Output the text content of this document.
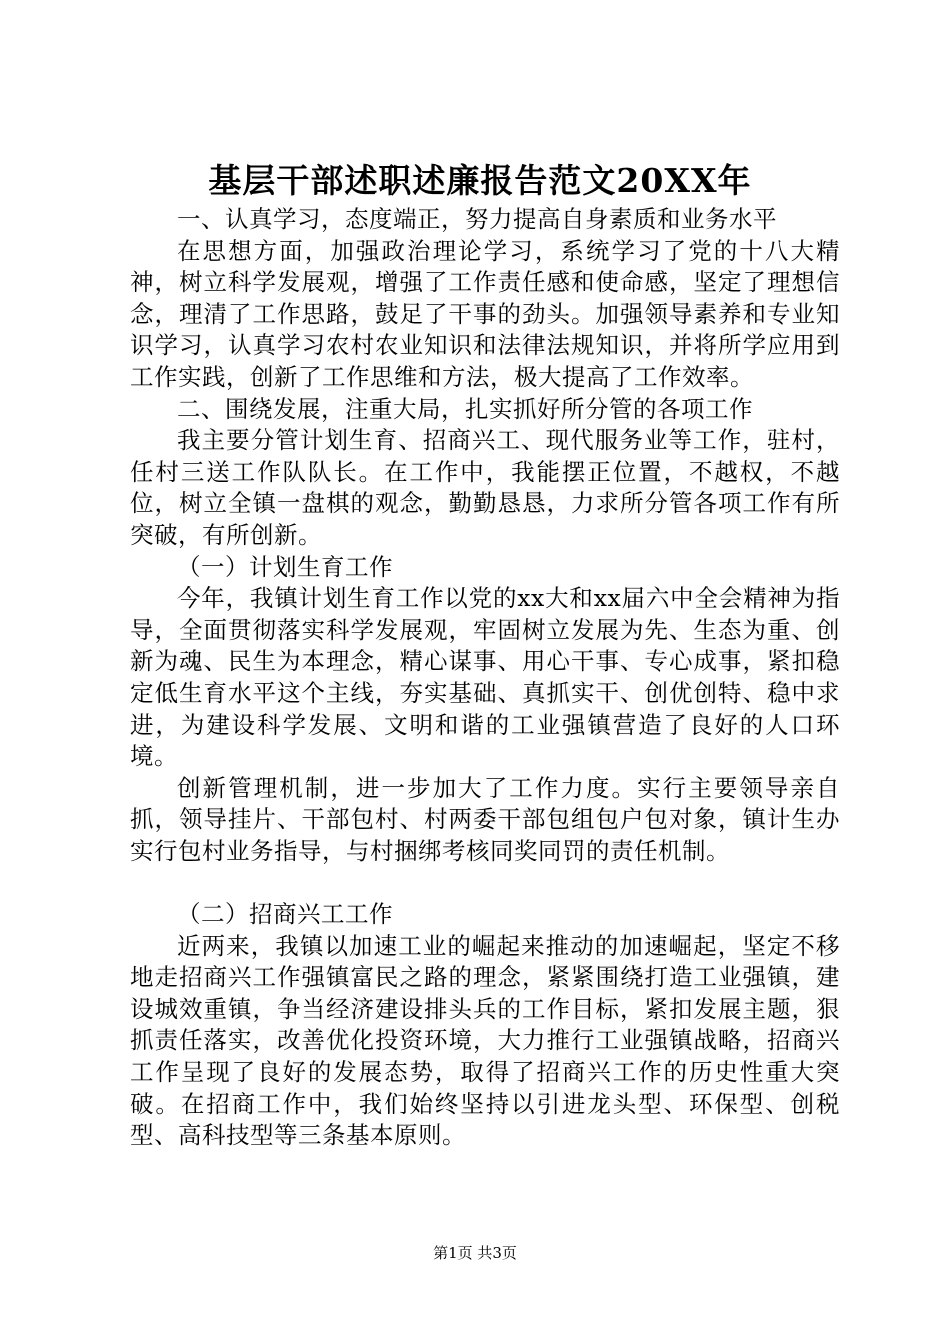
基层干部述职述廉报告范文20XX年

一、认真学习，态度端正，努力提高自身素质和业务水平

在思想方面，加强政治理论学习，系统学习了党的十八大精神，树立科学发展观，增强了工作责任感和使命感，坚定了理想信念，理清了工作思路，鼓足了干事的劲头。加强领导素养和专业知识学习，认真学习农村农业知识和法律法规知识，并将所学应用到工作实践，创新了工作思维和方法，极大提高了工作效率。

二、围绕发展，注重大局，扎实抓好所分管的各项工作

我主要分管计划生育、招商兴工、现代服务业等工作，驻村，任村三送工作队队长。在工作中，我能摆正位置，不越权，不越位，树立全镇一盘棋的观念，勤勤恳恳，力求所分管各项工作有所突破，有所创新。

（一）计划生育工作

今年，我镇计划生育工作以党的xx大和xx届六中全会精神为指导，全面贯彻落实科学发展观，牢固树立发展为先、生态为重、创新为魂、民生为本理念，精心谋事、用心干事、专心成事，紧扣稳定低生育水平这个主线，夯实基础、真抓实干、创优创特、稳中求进，为建设科学发展、文明和谐的工业强镇营造了良好的人口环境。

创新管理机制，进一步加大了工作力度。实行主要领导亲自抓，领导挂片、干部包村、村两委干部包组包户包对象，镇计生办实行包村业务指导，与村捆绑考核同奖同罚的责任机制。

（二）招商兴工工作

近两来，我镇以加速工业的崛起来推动的加速崛起，坚定不移地走招商兴工作强镇富民之路的理念，紧紧围绕打造工业强镇，建设城效重镇，争当经济建设排头兵的工作目标，紧扣发展主题，狠抓责任落实，改善优化投资环境，大力推行工业强镇战略，招商兴工作呈现了良好的发展态势，取得了招商兴工作的历史性重大突破。在招商工作中，我们始终坚持以引进龙头型、环保型、创税型、高科技型等三条基本原则。

第1页 共3页
